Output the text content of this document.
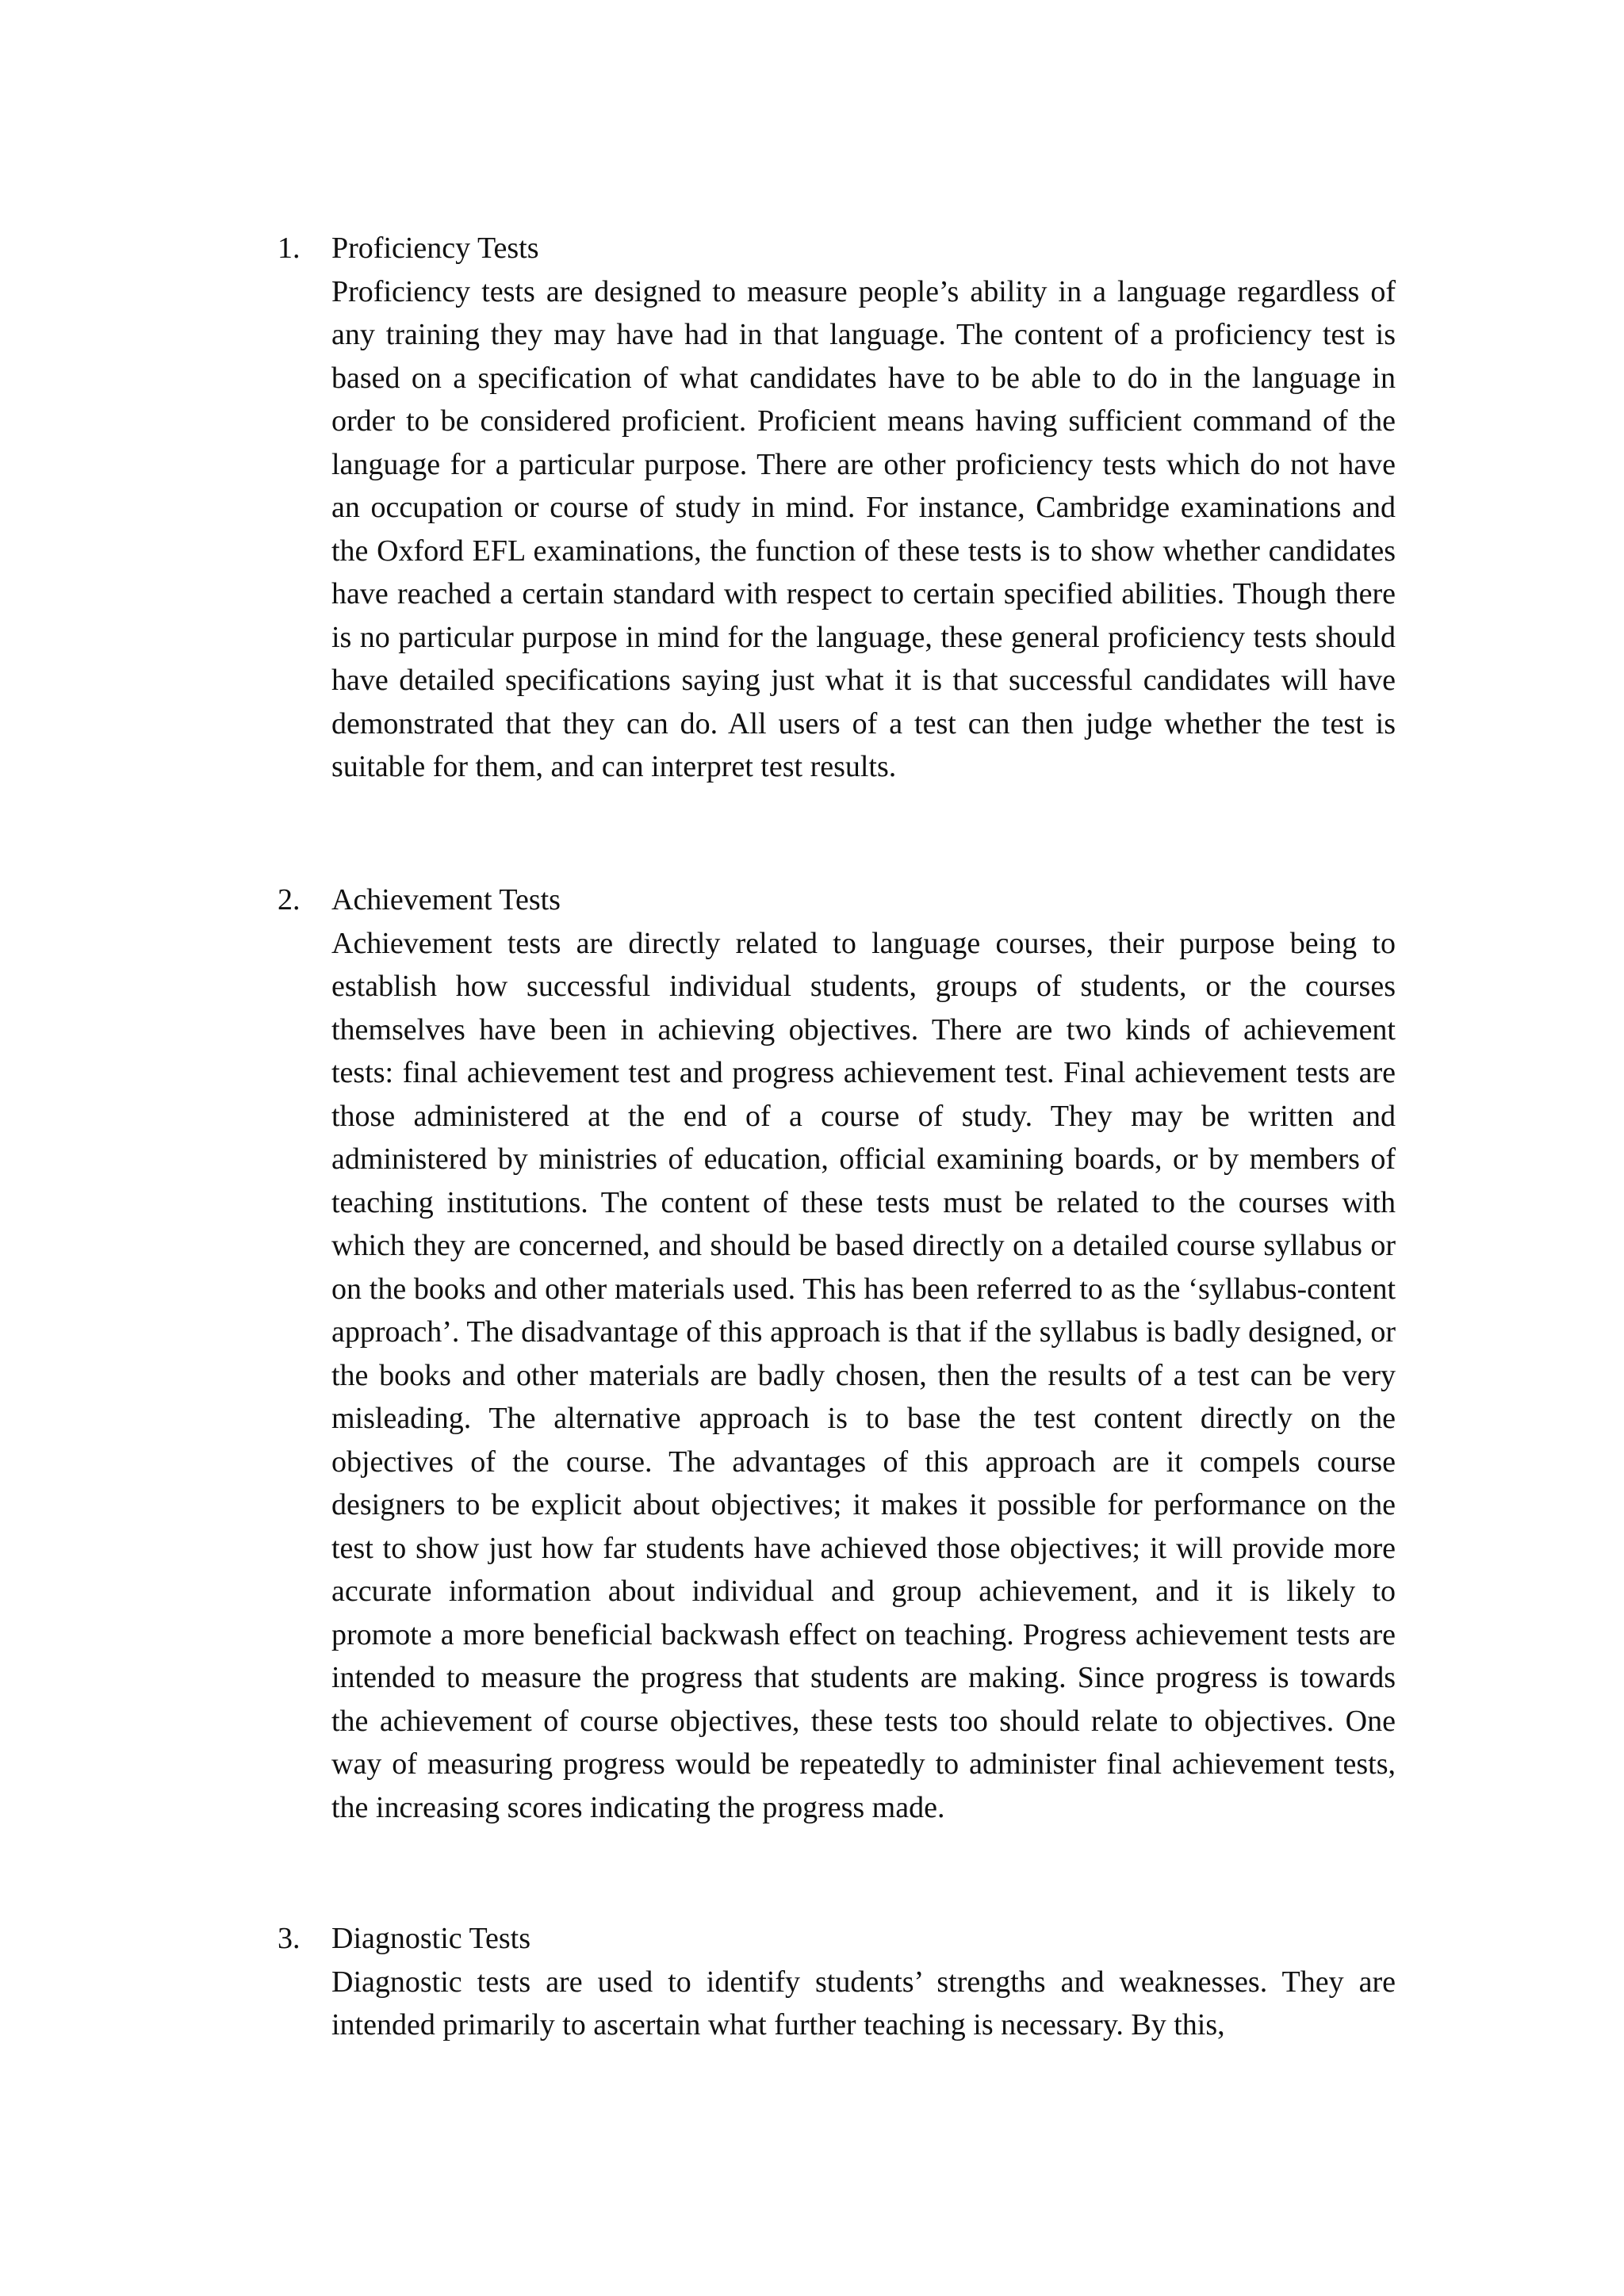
1. Proficiency Tests
Proficiency tests are designed to measure people’s ability in a language regardless of any training they may have had in that language. The content of a proficiency test is based on a specification of what candidates have to be able to do in the language in order to be considered proficient. Proficient means having sufficient command of the language for a particular purpose. There are other proficiency tests which do not have an occupation or course of study in mind. For instance, Cambridge examinations and the Oxford EFL examinations, the function of these tests is to show whether candidates have reached a certain standard with respect to certain specified abilities. Though there is no particular purpose in mind for the language, these general proficiency tests should have detailed specifications saying just what it is that successful candidates will have demonstrated that they can do. All users of a test can then judge whether the test is suitable for them, and can interpret test results.
2. Achievement Tests
Achievement tests are directly related to language courses, their purpose being to establish how successful individual students, groups of students, or the courses themselves have been in achieving objectives. There are two kinds of achievement tests: final achievement test and progress achievement test. Final achievement tests are those administered at the end of a course of study. They may be written and administered by ministries of education, official examining boards, or by members of teaching institutions. The content of these tests must be related to the courses with which they are concerned, and should be based directly on a detailed course syllabus or on the books and other materials used. This has been referred to as the ‘syllabus-content approach’. The disadvantage of this approach is that if the syllabus is badly designed, or the books and other materials are badly chosen, then the results of a test can be very misleading. The alternative approach is to base the test content directly on the objectives of the course. The advantages of this approach are it compels course designers to be explicit about objectives; it makes it possible for performance on the test to show just how far students have achieved those objectives; it will provide more accurate information about individual and group achievement, and it is likely to promote a more beneficial backwash effect on teaching. Progress achievement tests are intended to measure the progress that students are making. Since progress is towards the achievement of course objectives, these tests too should relate to objectives. One way of measuring progress would be repeatedly to administer final achievement tests, the increasing scores indicating the progress made.
3. Diagnostic Tests
Diagnostic tests are used to identify students’ strengths and weaknesses. They are intended primarily to ascertain what further teaching is necessary. By this,
